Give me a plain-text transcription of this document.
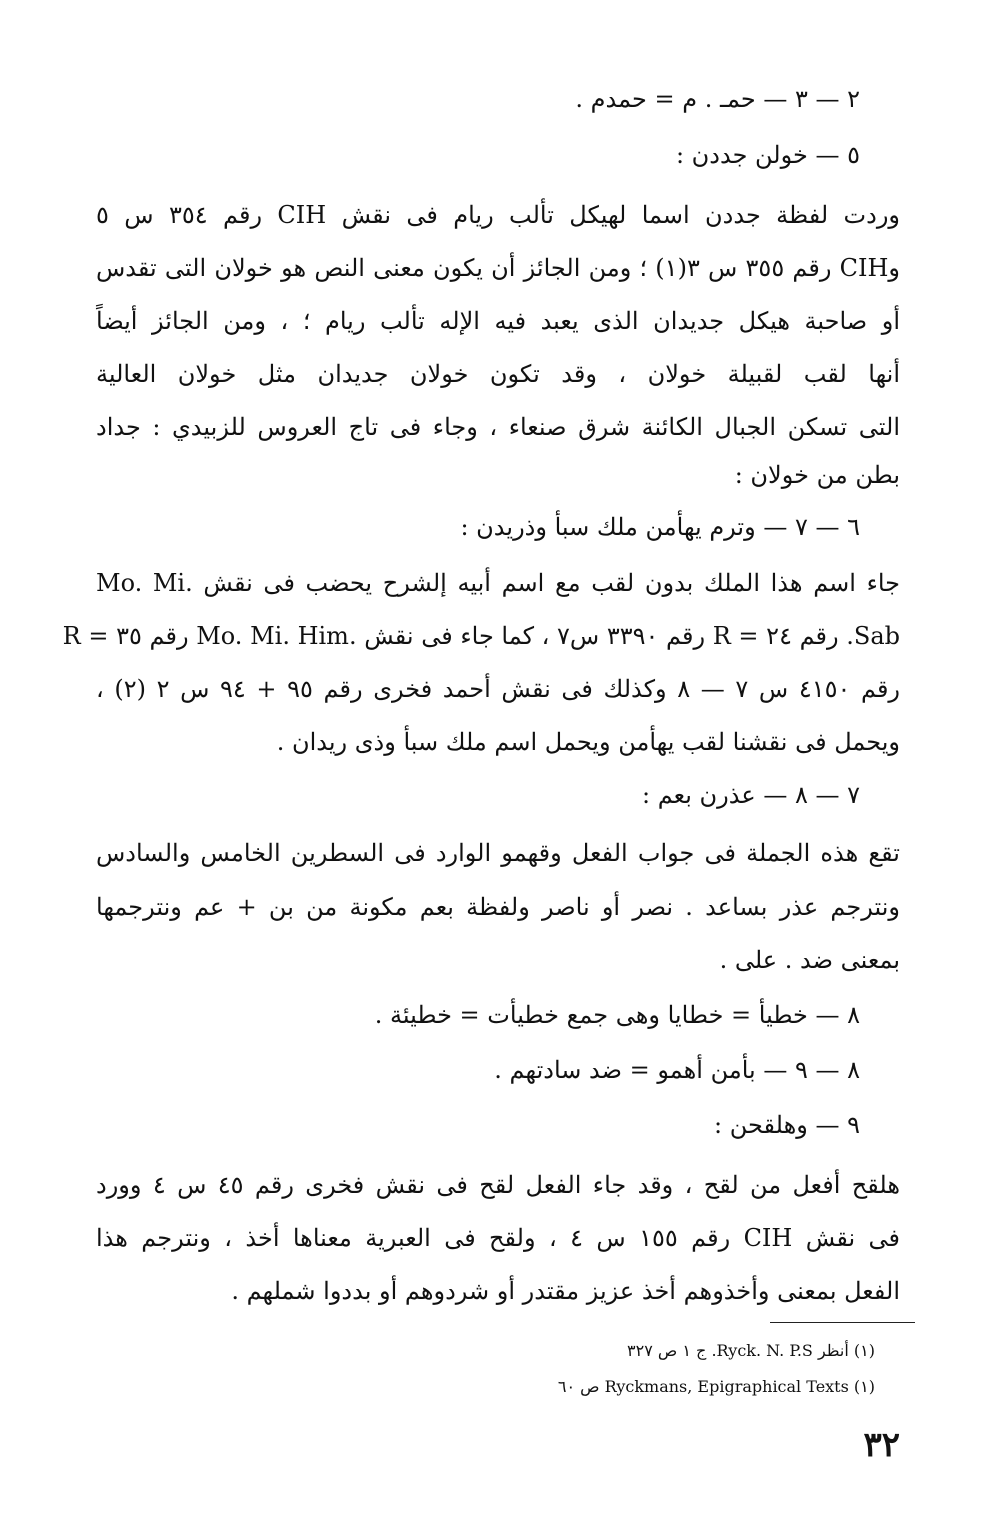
٢ — ٣ — حمـ . م = حمدم .
٥ — خولن جددن :
وردت لفظة جددن اسما لهيكل تألب ريام فى نقش CIH رقم ٣٥٤ س ٥
وCIH رقم ٣٥٥ س ٣(١) ؛ ومن الجائز أن يكون معنى النص هو خولان التى تقدس
أو صاحبة هيكل جديدان الذى يعبد فيه الإله تألب ريام ؛ ، ومن الجائز أيضاً
أنها لقب لقبيلة خولان ، وقد تكون خولان جديدان مثل خولان العالية
التى تسكن الجبال الكائنة شرق صنعاء ، وجاء فى تاج العروس للزبيدي : جداد
بطن من خولان :
٦ — ٧ — وترم يهأمن ملك سبأ وذريدن :
جاء اسم هذا الملك بدون لقب مع اسم أبيه إلشرح يحضب فى نقش .Mo. Mi
Sab. رقم ٢٤ = R رقم ٣٣٩٠ س٧ ، كما جاء فى نقش .Mo. Mi. Him رقم ٣٥ = R
رقم ٤١٥٠ س ٧ — ٨ وكذلك فى نقش أحمد فخرى رقم ٩٥ + ٩٤ س ٢ (٢) ،
ويحمل فى نقشنا لقب يهأمن ويحمل اسم ملك سبأ وذى ريدان .
٧ — ٨ — عذرن بعم :
تقع هذه الجملة فى جواب الفعل وقهمو الوارد فى السطرين الخامس والسادس
ونترجم عذر بساعد . نصر أو ناصر ولفظة بعم مكونة من بن + عم ونترجمها
بمعنى ضد . على .
٨ — خطيأ = خطايا وهى جمع خطيأت = خطيئة .
٨ — ٩ — بأمن أهمو = ضد سادتهم .
٩ — وهلقحن :
هلقح أفعل من لقح ، وقد جاء الفعل لقح فى نقش فخرى رقم ٤٥ س ٤ وورد
فى نقش CIH رقم ١٥٥ س ٤ ، ولقح فى العبرية معناها أخذ ، ونترجم هذا
الفعل بمعنى وأخذوهم أخذ عزيز مقتدر أو شردوهم أو بددوا شملهم .
(١) أنظر Ryck. N. P.S. ج ١ ص ٣٢٧
(١) Ryckmans, Epigraphical Texts ص ٦٠
٣٢
